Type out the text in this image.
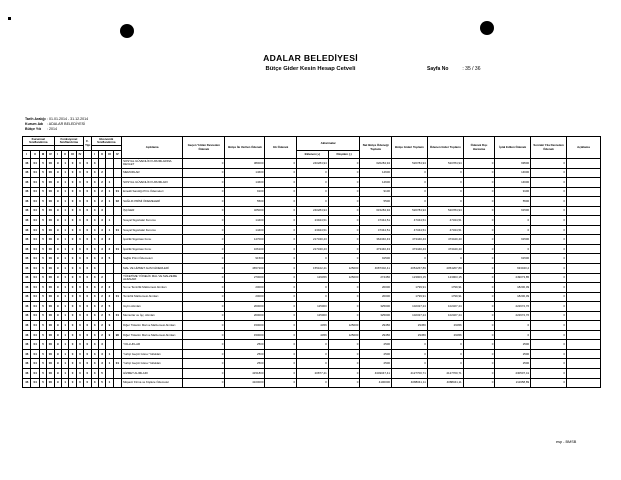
ADALAR BELEDİYESİ
Bütçe Gider Kesin Hesap Cetveli	Sayfa No	: 35 / 36
Tarih Aralığı : 01.01.2014 - 31.12.2014
Kurum Adı : ADALAR BELEDİYESİ
Bütçe Yılı : 2014
Kurumsal Sınıflandırma				Fonksiyonel Sınıflandırma				F. Tipi	Ekonomik Sınıflandırma				Açıklama	Geçen Yıldan Devreden Ödenek	Bütçe İle Verilen Ödenek	Ek Ödenek	Aktarmalar		Net Bütçe Ödeneği Toplamı	Bütçe Gideri Toplamı	Ödenen Gider Toplamı	Ödenek Dışı Harcama	İptal Edilen Ödenek	Sonraki Yıla Devreden Ödenek	Açıklama

I	II	III	IV	I	II	III	IV		I	II	III	IV					Eklenen (+)	Düşülen (-)							
46	04	5	00	9	1	0	0	0	3				SOSYAL GÜVENLİK KURUMLARINA DEVLET	0	380000	0	240284,94	0	620284,94	520784,94	520784,94	0	99500	0	
46	04	5	00	9	1	0	0	0	3	2			MEMURLAR	0	14600	0	0	0	14600	0	0	0	14600	0	
46	04	5	00	9	1	0	0	0	3	2	1		SOSYAL GÜVENLİK KURUMLARI	0	14600	0	0	0	14600	0	0	0	14600	0	
46	04	5	00	9	1	0	0	0	3	2	1	01	Emekli Sandığı Prim Ödemeleri	0	9100	0	0	0	9100	0	0	0	9100	0	
46	04	5	00	9	1	0	0	0	3	2	1	02	SAĞLIK PRİMİ ÖDEMELERİ	0	5500	0	0	0	5500	0	0	0	5500	0	
46	04	5	00	9	1	0	0	0	3	3			İŞÇİLER	0	325000	0	240284,94	0	615284,94	520784,94	520784,94	0	91500	0	
46	04	5	00	9	1	0	0	0	3	3	1		Sosyal Sigortalar Kurumu	0	14400	0	23944,51	0	47344,51	47344,51	47344,51	0	0	0	
46	04	5	00	9	1	0	0	0	3	3	1	01	Sosyal Sigortalar Kurumu	0	14400	0	23944,51	0	47344,51	47344,51	47344,51	0	0	0	
46	04	5	00	9	1	0	0	0	3	3	2		İşsizlik Sigortası Fonu	0	147000	0	217340,43	0	364340,43	473440,43	473440,43	0	91500	0	
46	04	5	00	9	1	0	0	0	3	3	2	01	İşsizlik Sigortası Fonu	0	166100	0	217340,43	0	473440,43	473440,43	473440,43	0	0	0	
46	04	5	00	9	1	0	0	0	3	3	5		Sağlık Primi Ödemeleri	0	91500	0	0	0	91500	0	0	0	91500	0	
46	04	5	00	9	1	0	0	0	3				MAL VE HİZMET ALIM GİDERLERİ	0	4657200	0	155102,41	125000	4687302,41	4054267,89	4054267,89	0	633040,2	0	
46	04	5	00	9	1	0	0	0	3	2			TÜKETİME YÖNELİK MAL VE MALZEME ALIMLARI	0	270000	0	129456	125000	274456	123903,15	123903,15	0	249073,85	0	
46	04	5	00	9	1	0	0	0	3	2	2		Su ve Temizlik Malzemesi Alımları	0	20000	0	0	0	20000	1799,91	1799,91	0	18200,09	0	
46	04	5	00	9	1	0	0	0	3	2	2	01	Temizlik Malzemesi Alımları	0	20000	0	0	0	20000	1799,91	1799,91	0	18200,09	0	
46	04	5	00	9	1	0	0	0	3	2	5		Giyim Alımları	0	200000	0	125000	0	325000	102327,24	102327,24	0	222672,76	0	
46	04	5	00	9	1	0	0	0	3	2	5	01	Memurlar ve İşç. Alımları	0	200000	0	125000	0	325000	102327,24	102327,24	0	222672,76	0	
46	04	5	00	9	1	0	0	0	3	2	9		Diğer Tüketim Mal ve Malzemesi Alımları	0	150000	0	4456	125000	29456	29456	29456	0	0	0	
46	04	5	00	9	1	0	0	0	3	2	9	90	Diğer Tüketim Mal ve Malzemesi Alımları	0	150000	0	4456	125000	29456	29456	29456	0	0	0	
46	04	5	00	9	1	0	0	0	3	3			YOLLUKLAR	0	2500	0	0	0	2500	0	0	0	2500	0	
46	04	5	00	9	1	0	0	0	3	3	1		Yurtiçi Geçici Görev Yollukları	0	2500	0	0	0	2500	0	0	0	2500	0	
46	04	5	00	9	1	0	0	0	3	3	1	01	Yurtiçi Geçici Görev Yollukları	0	2500	0	0	0	2500	0	0	0	2500	0	
46	04	5	00	9	1	0	0	0	3	5			HİZMET ALIMLARI	0	4151800	0	20877,41	0	4349047,41	4127700,71	4127700,71	0	230507,41	0	
46	04	5	00	9	1	0	0	0	3	5	1		Müşavir Firma ve Kişilere Ödemeler	0	4100000	0	0	0	4100000	4088041,11	4088041,11	0	211958,89	0	
esp - BMSB
